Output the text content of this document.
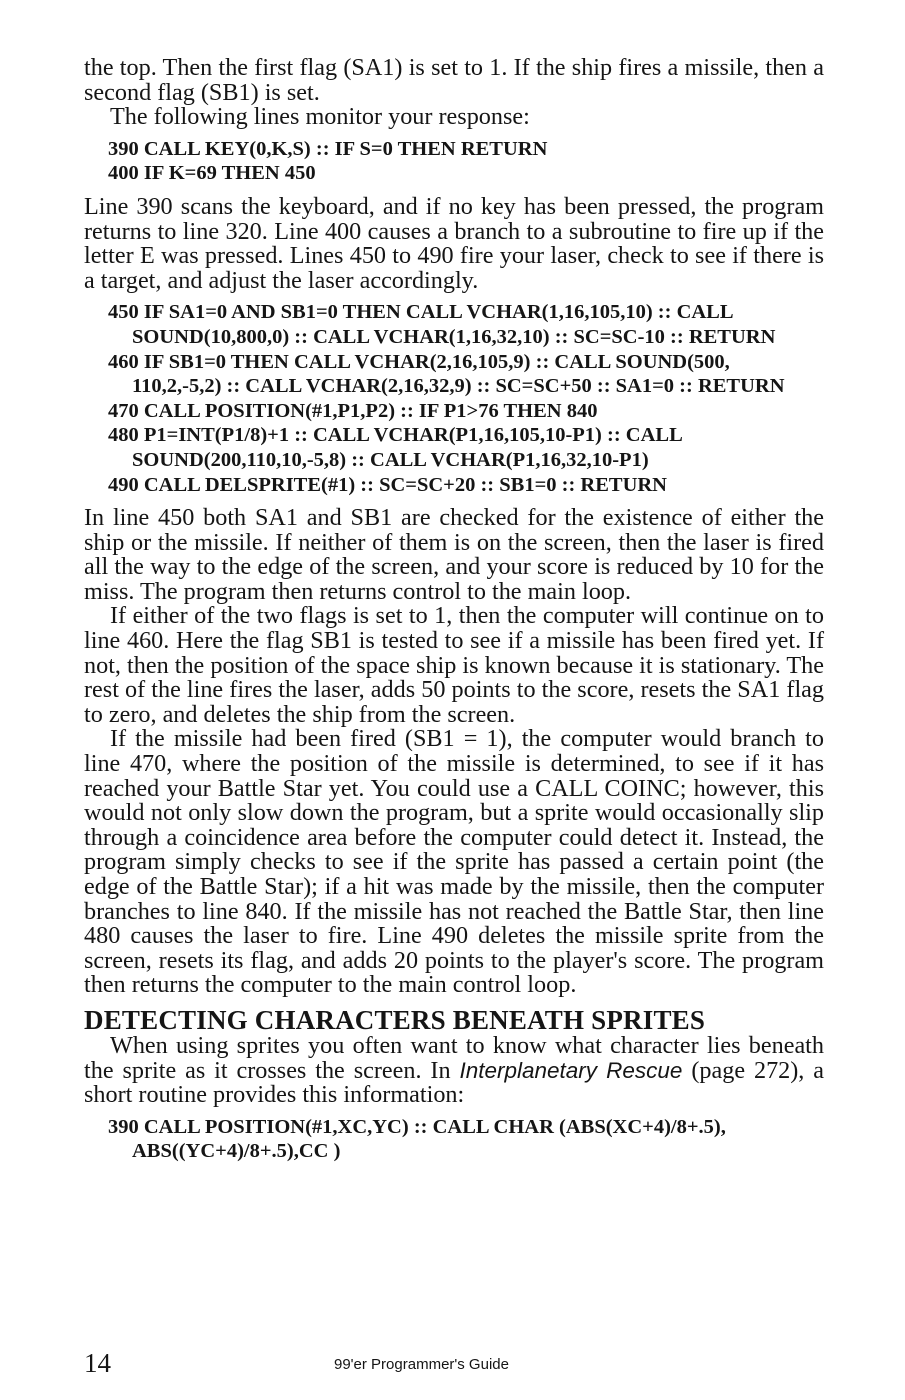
the top. Then the first flag (SA1) is set to 1. If the ship fires a missile, then a second flag (SB1) is set.

The following lines monitor your response:

390 CALL KEY(0,K,S) :: IF S=0 THEN RETURN

400 IF K=69 THEN 450

Line 390 scans the keyboard, and if no key has been pressed, the program returns to line 320. Line 400 causes a branch to a subroutine to fire up if the letter E was pressed. Lines 450 to 490 fire your laser, check to see if there is a target, and adjust the laser accordingly.

450 IF SA1=0 AND SB1=0 THEN CALL VCHAR(1,16,105,10) :: CALL SOUND(10,800,0) :: CALL VCHAR(1,16,32,10) :: SC=SC-10 :: RETURN

460 IF SB1=0 THEN CALL VCHAR(2,16,105,9) :: CALL SOUND(500, 110,2,-5,2) :: CALL VCHAR(2,16,32,9) :: SC=SC+50 :: SA1=0 :: RETURN

470 CALL POSITION(#1,P1,P2) :: IF P1>76 THEN 840

480 P1=INT(P1/8)+1 :: CALL VCHAR(P1,16,105,10-P1) :: CALL SOUND(200,110,10,-5,8) :: CALL VCHAR(P1,16,32,10-P1)

490 CALL DELSPRITE(#1) :: SC=SC+20 :: SB1=0 :: RETURN

In line 450 both SA1 and SB1 are checked for the existence of either the ship or the missile. If neither of them is on the screen, then the laser is fired all the way to the edge of the screen, and your score is reduced by 10 for the miss. The program then returns control to the main loop.

If either of the two flags is set to 1, then the computer will continue on to line 460. Here the flag SB1 is tested to see if a missile has been fired yet. If not, then the position of the space ship is known because it is stationary. The rest of the line fires the laser, adds 50 points to the score, resets the SA1 flag to zero, and deletes the ship from the screen.

If the missile had been fired (SB1 = 1), the computer would branch to line 470, where the position of the missile is determined, to see if it has reached your Battle Star yet. You could use a CALL COINC; however, this would not only slow down the program, but a sprite would occasionally slip through a coincidence area before the computer could detect it. Instead, the program simply checks to see if the sprite has passed a certain point (the edge of the Battle Star); if a hit was made by the missile, then the computer branches to line 840. If the missile has not reached the Battle Star, then line 480 causes the laser to fire. Line 490 deletes the missile sprite from the screen, resets its flag, and adds 20 points to the player's score. The program then returns the computer to the main control loop.

DETECTING CHARACTERS BENEATH SPRITES

When using sprites you often want to know what character lies beneath the sprite as it crosses the screen. In Interplanetary Rescue (page 272), a short routine provides this information:

390 CALL POSITION(#1,XC,YC) :: CALL CHAR (ABS(XC+4)/8+.5), ABS((YC+4)/8+.5),CC )

14	99'er Programmer's Guide
